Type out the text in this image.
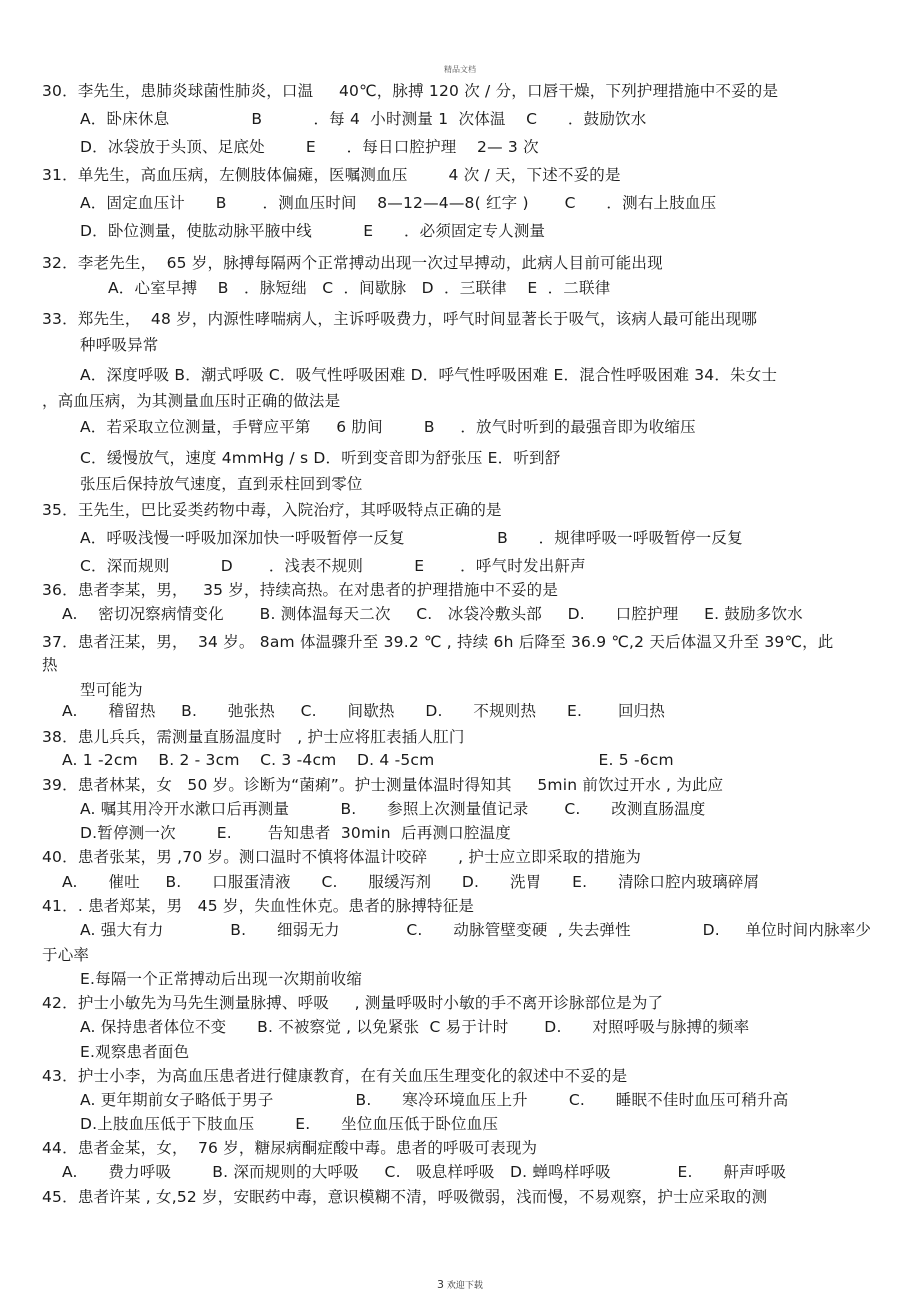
精品文档
30．李先生，患肺炎球菌性肺炎，口温     40℃，脉搏 120 次 / 分，口唇干燥，下列护理措施中不妥的是
A．卧床休息                B          ．每 4  小时测量 1  次体温    C      ．鼓励饮水
D．冰袋放于头顶、足底处        E      ．每日口腔护理    2— 3 次
31．单先生，高血压病，左侧肢体偏瘫，医嘱测血压        4 次 / 天，下述不妥的是
A．固定血压计      B       ．测血压时间    8—12—4—8( 红字 )       C      ．测右上肢血压
D．卧位测量，使肱动脉平腋中线          E      ．必须固定专人测量
32．李老先生，  65 岁，脉搏每隔两个正常搏动出现一次过早搏动，此病人目前可能出现
A．心室早搏    B   ．脉短绌   C  ．间歇脉   D  ．三联律    E  ．二联律
33．郑先生，  48 岁，内源性哮喘病人，主诉呼吸费力，呼气时间显著长于吸气，该病人最可能出现哪
种呼吸异常
A．深度呼吸 B．潮式呼吸 C．吸气性呼吸困难 D．呼气性呼吸困难 E．混合性呼吸困难 34．朱女士
，高血压病，为其测量血压时正确的做法是
A．若采取立位测量，手臂应平第     6 肋间        B     ．放气时听到的最强音即为收缩压
C．缓慢放气，速度 4mmHg / s D．听到变音即为舒张压 E．听到舒
张压后保持放气速度，直到汞柱回到零位
35．王先生，巴比妥类药物中毒，入院治疗，其呼吸特点正确的是
A．呼吸浅慢一呼吸加深加快一呼吸暂停一反复                  B      ．规律呼吸一呼吸暂停一反复
C．深而规则          D       ．浅表不规则          E       ．呼气时发出鼾声
36．患者李某，男，   35 岁，持续高热。在对患者的护理措施中不妥的是
A.    密切况察病情变化       B. 测体温每天二次     C.   冰袋冷敷头部     D.      口腔护理     E. 鼓励多饮水
37．患者汪某，男，  34 岁。 8am 体温骤升至 39.2 ℃ , 持续 6h 后降至 36.9 ℃,2 天后体温又升至 39℃，此
热
型可能为
A.      稽留热     B.      弛张热     C.      间歇热      D.      不规则热      E.       回归热
38．患儿兵兵，需测量直肠温度时   , 护士应将肛表插人肛门
A. 1 -2cm    B. 2 - 3cm    C. 3 -4cm    D. 4 -5cm                                E. 5 -6cm
39．患者林某，女   50 岁。诊断为“菌痢”。护士测量体温时得知其     5min 前饮过开水 , 为此应
A. 嘱其用冷开水漱口后再测量          B.      参照上次测量值记录       C.      改测直肠温度
D.暂停测一次        E.       告知患者  30min  后再测口腔温度
40．患者张某，男 ,70 岁。测口温时不慎将体温计咬碎      , 护士应立即采取的措施为
A.      催吐     B.      口服蛋清液      C.      服缓泻剂      D.      洗胃      E.      清除口腔内玻璃碎屑
41．. 患者郑某，男   45 岁，失血性休克。患者的脉搏特征是
A. 强大有力             B.      细弱无力             C.      动脉管壁变硬  , 失去弹性              D.     单位时间内脉率少
于心率
E.每隔一个正常搏动后出现一次期前收缩
42．护士小敏先为马先生测量脉搏、呼吸     , 测量呼吸时小敏的手不离开诊脉部位是为了
A. 保持患者体位不变      B. 不被察觉 , 以免紧张  C 易于计时       D.      对照呼吸与脉搏的频率
E.观察患者面色
43．护士小李，为高血压患者进行健康教育，在有关血压生理变化的叙述中不妥的是
A. 更年期前女子略低于男子                B.      寒冷环境血压上升        C.      睡眠不佳时血压可稍升高
D.上肢血压低于下肢血压        E.      坐位血压低于卧位血压
44．患者金某，女，  76 岁，糖尿病酮症酸中毒。患者的呼吸可表现为
A.      费力呼吸        B. 深而规则的大呼吸     C.   吸息样呼吸   D. 蝉鸣样呼吸             E.      鼾声呼吸
45．患者许某 , 女,52 岁，安眠药中毒，意识模糊不清，呼吸微弱，浅而慢，不易观察，护士应采取的测
3 欢迎下载
